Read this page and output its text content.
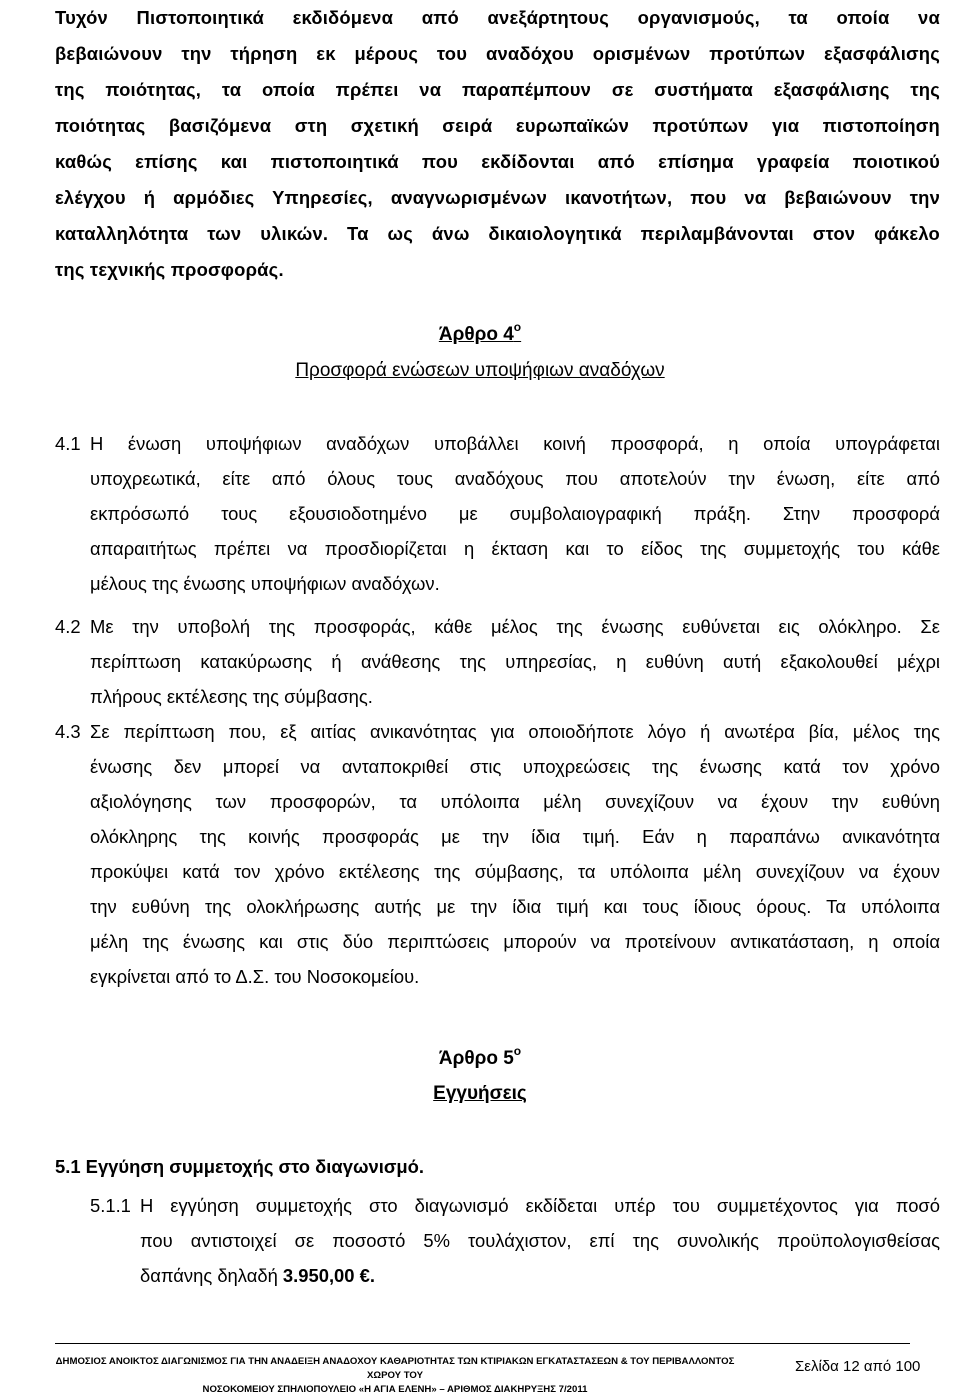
Τυχόν Πιστοποιητικά εκδιδόμενα από ανεξάρτητους οργανισμούς, τα οποία να
βεβαιώνουν την τήρηση εκ μέρους του αναδόχου ορισμένων προτύπων εξασφάλισης
της ποιότητας, τα οποία πρέπει να παραπέμπουν σε συστήματα εξασφάλισης της
ποιότητας βασιζόμενα στη σχετική σειρά ευρωπαϊκών προτύπων για πιστοποίηση
καθώς επίσης και πιστοποιητικά που εκδίδονται από επίσημα γραφεία ποιοτικού
ελέγχου ή αρμόδιες Υπηρεσίες, αναγνωρισμένων ικανοτήτων, που να βεβαιώνουν την
καταλληλότητα των υλικών. Τα ως άνω δικαιολογητικά περιλαμβάνονται στον φάκελο
της τεχνικής προσφοράς.
Άρθρο $4^o$
Προσφορά ενώσεων υποψήφιων αναδόχων
4.1 Η ένωση υποψήφιων αναδόχων υποβάλλει κοινή προσφορά, η οποία υπογράφεται
υποχρεωτικά, είτε από όλους τους αναδόχους που αποτελούν την ένωση, είτε από
εκπρόσωπό τους εξουσιοδοτημένο με συμβολαιογραφική πράξη. Στην προσφορά
απαραιτήτως πρέπει να προσδιορίζεται η έκταση και το είδος της συμμετοχής του κάθε
μέλους της ένωσης υποψήφιων αναδόχων.
4.2 Με την υποβολή της προσφοράς, κάθε μέλος της ένωσης ευθύνεται εις ολόκληρο. Σε
περίπτωση κατακύρωσης ή ανάθεσης της υπηρεσίας, η ευθύνη αυτή εξακολουθεί μέχρι
πλήρους εκτέλεσης της σύμβασης.
4.3 Σε περίπτωση που, εξ αιτίας ανικανότητας για οποιοδήποτε λόγο ή ανωτέρα βία, μέλος της
ένωσης δεν μπορεί να ανταποκριθεί στις υποχρεώσεις της ένωσης κατά τον χρόνο
αξιολόγησης των προσφορών, τα υπόλοιπα μέλη συνεχίζουν να έχουν την ευθύνη
ολόκληρης της κοινής προσφοράς με την ίδια τιμή. Εάν η παραπάνω ανικανότητα
προκύψει κατά τον χρόνο εκτέλεσης της σύμβασης, τα υπόλοιπα μέλη συνεχίζουν να έχουν
την ευθύνη της ολοκλήρωσης αυτής με την ίδια τιμή και τους ίδιους όρους. Τα υπόλοιπα
μέλη της ένωσης και στις δύο περιπτώσεις μπορούν να προτείνουν αντικατάσταση, η οποία
εγκρίνεται από το Δ.Σ. του Νοσοκομείου.
Άρθρο $5^o$
Εγγυήσεις
5.1 Εγγύηση συμμετοχής στο διαγωνισμό.
5.1.1 Η εγγύηση συμμετοχής στο διαγωνισμό εκδίδεται υπέρ του συμμετέχοντος για ποσό
που αντιστοιχεί σε ποσοστό 5% τουλάχιστον, επί της συνολικής προϋπολογισθείσας
δαπάνης δηλαδή 3.950,00 €.
ΔΗΜΟΣΙΟΣ ΑΝΟΙΚΤΟΣ ΔΙΑΓΩΝΙΣΜΟΣ ΓΙΑ ΤΗΝ ΑΝΑΔΕΙΞΗ ΑΝΑΔΟΧΟΥ ΚΑΘΑΡΙΟΤΗΤΑΣ ΤΩΝ ΚΤΙΡΙΑΚΩΝ ΕΓΚΑΤΑΣΤΑΣΕΩΝ & ΤΟΥ ΠΕΡΙΒΑΛΛΟΝΤΟΣ ΧΩΡΟΥ ΤΟΥ
ΝΟΣΟΚΟΜΕΙΟΥ ΣΠΗΛΙΟΠΟΥΛΕΙΟ «Η ΑΓΙΑ ΕΛΕΝΗ» – ΑΡΙΘΜΟΣ ΔΙΑΚΗΡΥΞΗΣ 7/2011
Σελίδα 12 από 100
